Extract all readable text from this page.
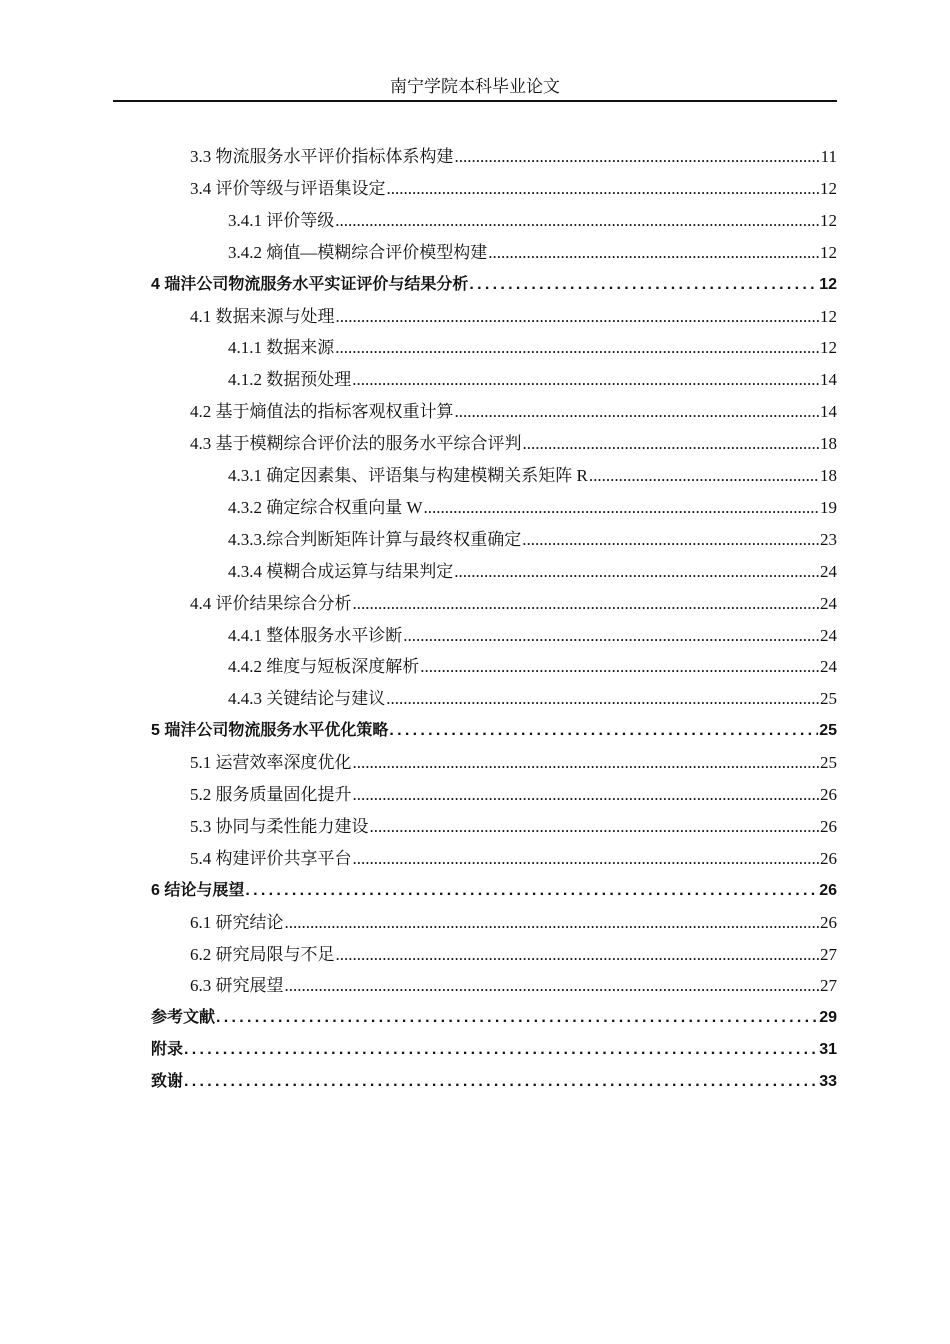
南宁学院本科毕业论文
3.3 物流服务水平评价指标体系构建 .....	11
3.4 评价等级与评语集设定 .....	12
3.4.1 评价等级 .....	12
3.4.2 熵值—模糊综合评价模型构建 .....	12
4 瑞沣公司物流服务水平实证评价与结果分析 .....	12
4.1 数据来源与处理 .....	12
4.1.1 数据来源 .....	12
4.1.2 数据预处理 .....	14
4.2 基于熵值法的指标客观权重计算 .....	14
4.3 基于模糊综合评价法的服务水平综合评判 .....	18
4.3.1 确定因素集、评语集与构建模糊关系矩阵 R .....	18
4.3.2 确定综合权重向量 W .....	19
4.3.3.综合判断矩阵计算与最终权重确定 .....	23
4.3.4 模糊合成运算与结果判定 .....	24
4.4 评价结果综合分析 .....	24
4.4.1 整体服务水平诊断 .....	24
4.4.2 维度与短板深度解析 .....	24
4.4.3 关键结论与建议 .....	25
5 瑞沣公司物流服务水平优化策略 .....	25
5.1 运营效率深度优化 .....	25
5.2 服务质量固化提升 .....	26
5.3 协同与柔性能力建设 .....	26
5.4 构建评价共享平台 .....	26
6 结论与展望 .....	26
6.1 研究结论 .....	26
6.2 研究局限与不足 .....	27
6.3 研究展望 .....	27
参考文献 .....	29
附录 .....	31
致谢 .....	33
